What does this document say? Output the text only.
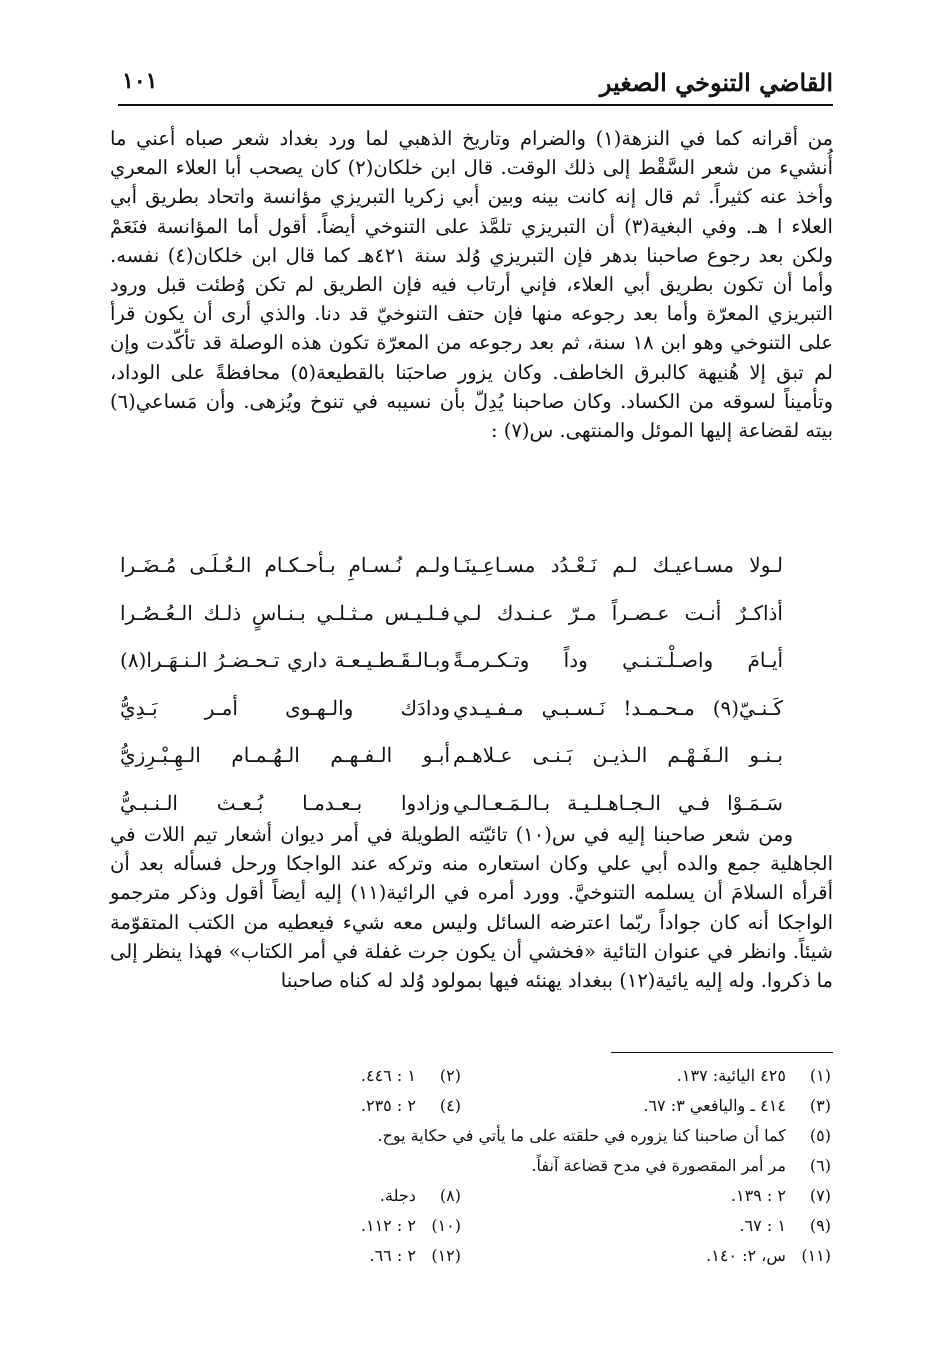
القاضي التنوخي الصغير
١٠١

من أقرانه كما في النزهة(١) والضرام وتاريخ الذهبي لما ورد بغداد شعر صباه أعني ما أُنشيء من شعر السَّقْط إلى ذلك الوقت. قال ابن خلكان(٢) كان يصحب أبا العلاء المعري وأخذ عنه كثيراً. ثم قال إنه كانت بينه وبين أبي زكريا التبريزي مؤانسة واتحاد بطريق أبي العلاء ا هـ. وفي البغية(٣) أن التبريزي تلمَّذ على التنوخي أيضاً. أقول أما المؤانسة فنَعَمْ ولكن بعد رجوع صاحبنا بدهر فإن التبريزي وُلد سنة ٤٢١هـ كما قال ابن خلكان(٤) نفسه. وأما أن تكون بطريق أبي العلاء، فإني أرتاب فيه فإن الطريق لم تكن وُطئت قبل ورود التبريزي المعرّة وأما بعد رجوعه منها فإن حتف التنوخيّ قد دنا. والذي أرى أن يكون قرأ على التنوخي وهو ابن ١٨ سنة، ثم بعد رجوعه من المعرّة تكون هذه الوصلة قد تأكّدت وإن لم تبق إلا هُنيهة كالبرق الخاطف. وكان يزور صاحبَنا بالقطيعة(٥) محافظةً على الوداد، وتأميناً لسوقه من الكساد. وكان صاحبنا يُدِلّ بأن نسيبه في تنوخ ويُزهى. وأن مَساعي(٦) بيته لقضاعة إليها الموئل والمنتهى. س(٧) :

لـولا مسـاعيـك لـم نَـعْـدُد مسـاعِـينَـا
ولـم نُـسـامِ بـأحـكـام الـعُـلَـى مُـضَـرا
أذاكـرٌ أنـت عـصـراً مـرّ عـنـدك لـي
فـلـيـس مـثـلـي بـنـاسٍ ذلـك الـعُـصُـرا
أيـامَ واصـلْـتـنـي وداً وتـكـرمـةً
وبـالـقَـطـيـعـة داري تـحـضـرُ الـنـهَـرا(٨)
كَـنـيّ(٩) مـحـمـد! نَـسـبـي مـفـيـدي
ودادَك والـهـوى أمـر بَـدِيُّ
بـنـو الـفَـهْـم الـذيـن بَـنـى عـلاهـم
أبـو الـفـهـم الـهُـمـام الـهِـبْـرِزيُّ
سَـمَـوْا فـي الـجـاهـلـيـة بـالـمَـعـالـي
وزادوا بـعـدمـا بُـعـث الـنـبـيُّ

ومن شعر صاحبنا إليه في س(١٠) تائيّته الطويلة في أمر ديوان أشعار تيم اللات في الجاهلية جمع والده أبي علي وكان استعاره منه وتركه عند الواجكا ورحل فسأله بعد أن أقرأه السلامَ أن يسلمه التنوخيَّ. وورد أمره في الرائية(١١) إليه أيضاً أقول وذكر مترجمو الواجكا أنه كان جواداً ربّما اعترضه السائل وليس معه شيء فيعطيه من الكتب المتقوّمة شيئاً. وانظر في عنوان التائية «فخشي أن يكون جرت غفلة في أمر الكتاب» فهذا ينظر إلى ما ذكروا. وله إليه يائية(١٢) ببغداد يهنئه فيها بمولود وُلد له كناه صاحبنا

(١) ٤٢٥ اليائية: ١٣٧.
(٢) ١ : ٤٤٦.
(٣) ٤١٤ ـ واليافعي ٣: ٦٧.
(٤) ٢ : ٢٣٥.
(٥) كما أن صاحبنا كنا يزوره في حلقته على ما يأتي في حكاية يوح.
(٦) مر أمر المقصورة في مدح قضاعة آنفاً.
(٧) ٢ : ١٣٩.
(٨) دجلة.
(٩) ١ : ٦٧.
(١٠) ٢ : ١١٢.
(١١) س، ٢: ١٤٠.
(١٢) ٢ : ٦٦.
